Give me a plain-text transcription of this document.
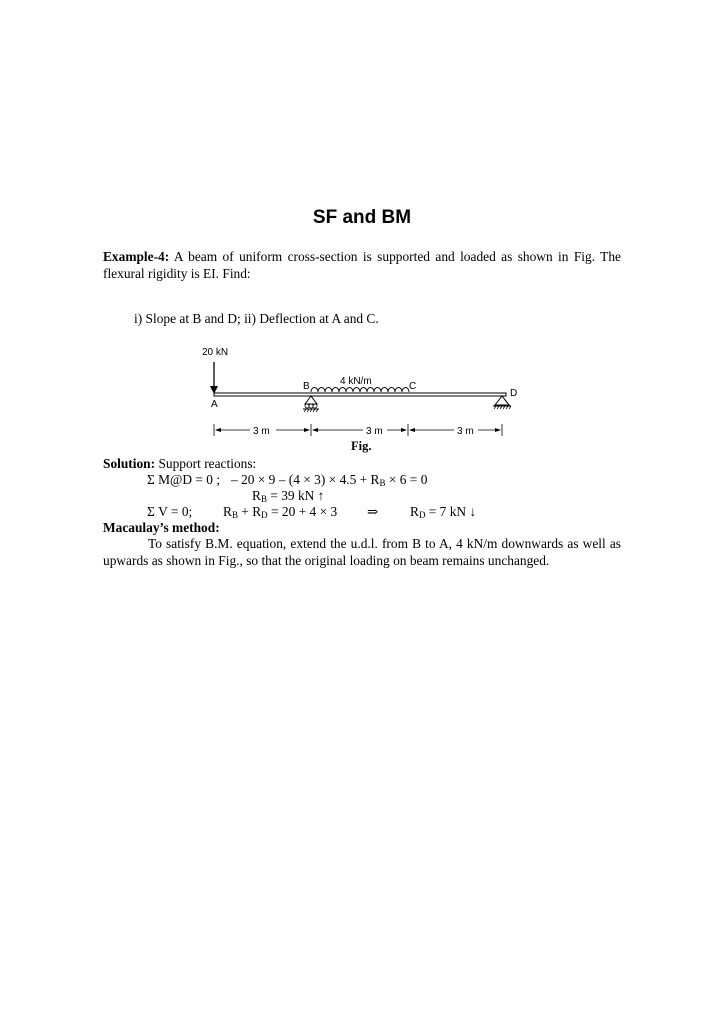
SF and BM
Example-4: A beam of uniform cross-section is supported and loaded as shown in Fig. The flexural rigidity is EI. Find:
i) Slope at B and D; ii) Deflection at A and C.
20 kN
4 kN/m
A
B	C
D
3 m	3 m	3 m
Fig.
Solution: Support reactions:
Σ M@D = 0 ; – 20 × 9 – (4 × 3) × 4.5 + RB × 6 = 0
RB = 39 kN ↑
Σ V = 0; RB + RD = 20 + 4 × 3 ⇒ RD = 7 kN ↓
Macaulay’s method:
To satisfy B.M. equation, extend the u.d.l. from B to A, 4 kN/m downwards as well as upwards as shown in Fig., so that the original loading on beam remains unchanged.
